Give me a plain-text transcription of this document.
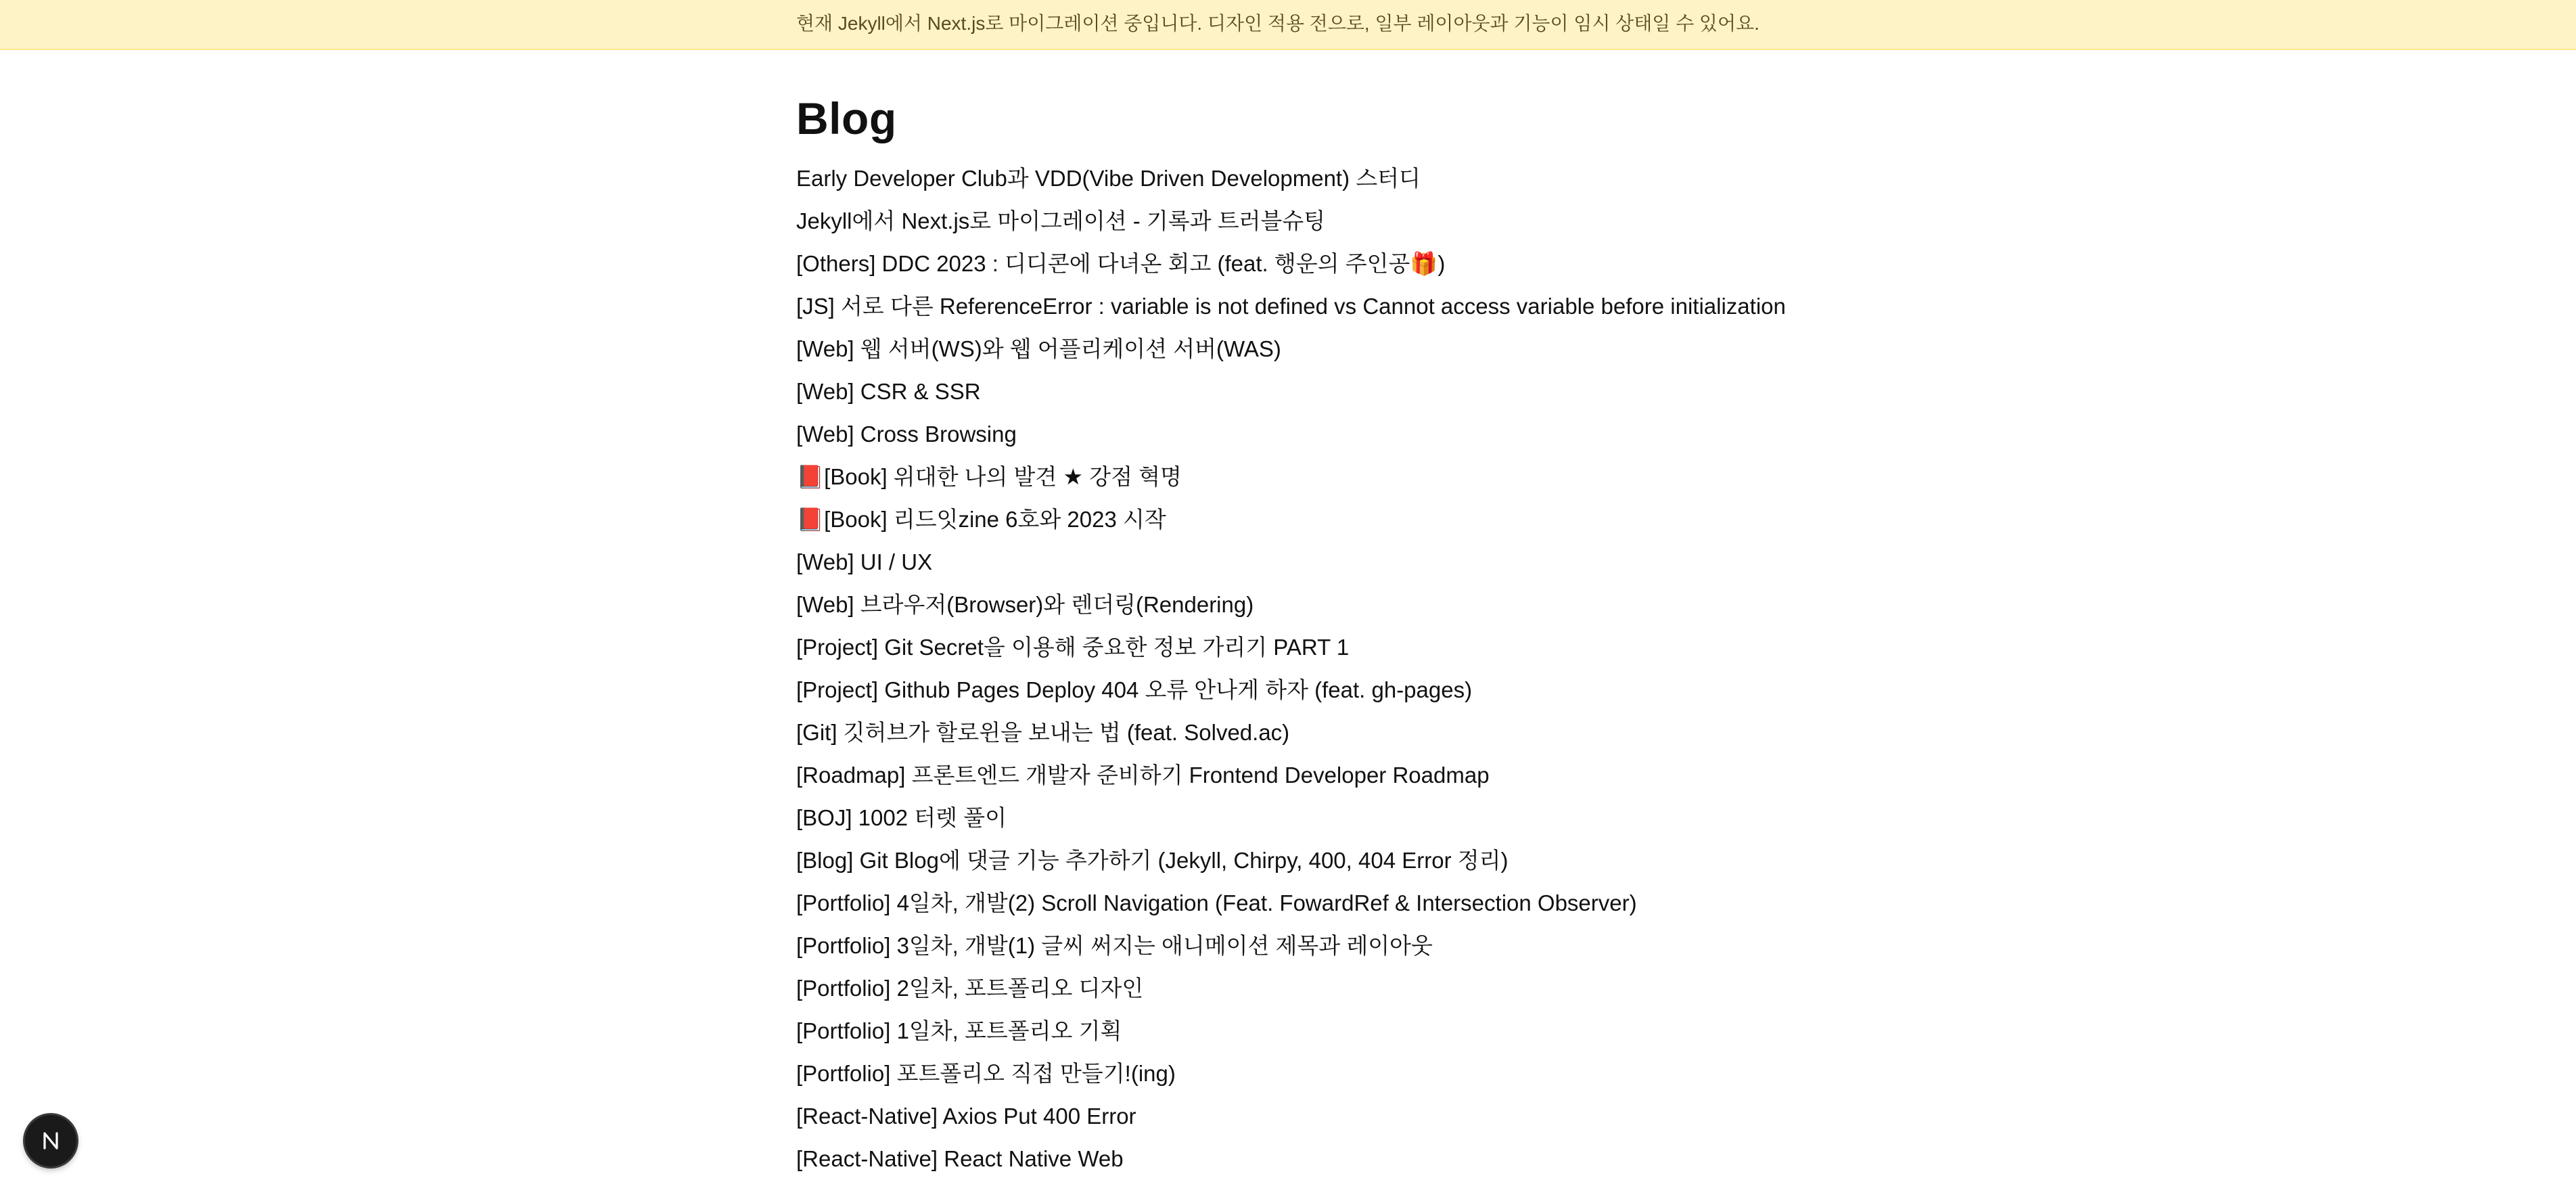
현재 Jekyll에서 Next.js로 마이그레이션 중입니다. 디자인 적용 전으로, 일부 레이아웃과 기능이 임시 상태일 수 있어요.
Blog
Early Developer Club과 VDD(Vibe Driven Development) 스터디
Jekyll에서 Next.js로 마이그레이션 - 기록과 트러블슈팅
[Others] DDC 2023 : 디디콘에 다녀온 회고 (feat. 행운의 주인공🎁)
[JS] 서로 다른 ReferenceError : variable is not defined vs Cannot access variable before initialization
[Web] 웹 서버(WS)와 웹 어플리케이션 서버(WAS)
[Web] CSR & SSR
[Web] Cross Browsing
📕[Book] 위대한 나의 발견 ★ 강점 혁명
📕[Book] 리드잇zine 6호와 2023 시작
[Web] UI / UX
[Web] 브라우저(Browser)와 렌더링(Rendering)
[Project] Git Secret을 이용해 중요한 정보 가리기 PART 1
[Project] Github Pages Deploy 404 오류 안나게 하자 (feat. gh-pages)
[Git] 깃허브가 할로윈을 보내는 법 (feat. Solved.ac)
[Roadmap] 프론트엔드 개발자 준비하기 Frontend Developer Roadmap
[BOJ] 1002 터렛 풀이
[Blog] Git Blog에 댓글 기능 추가하기 (Jekyll, Chirpy, 400, 404 Error 정리)
[Portfolio] 4일차, 개발(2) Scroll Navigation (Feat. FowardRef & Intersection Observer)
[Portfolio] 3일차, 개발(1) 글씨 써지는 애니메이션 제목과 레이아웃
[Portfolio] 2일차, 포트폴리오 디자인
[Portfolio] 1일차, 포트폴리오 기획
[Portfolio] 포트폴리오 직접 만들기!(ing)
[React-Native] Axios Put 400 Error
[React-Native] React Native Web
